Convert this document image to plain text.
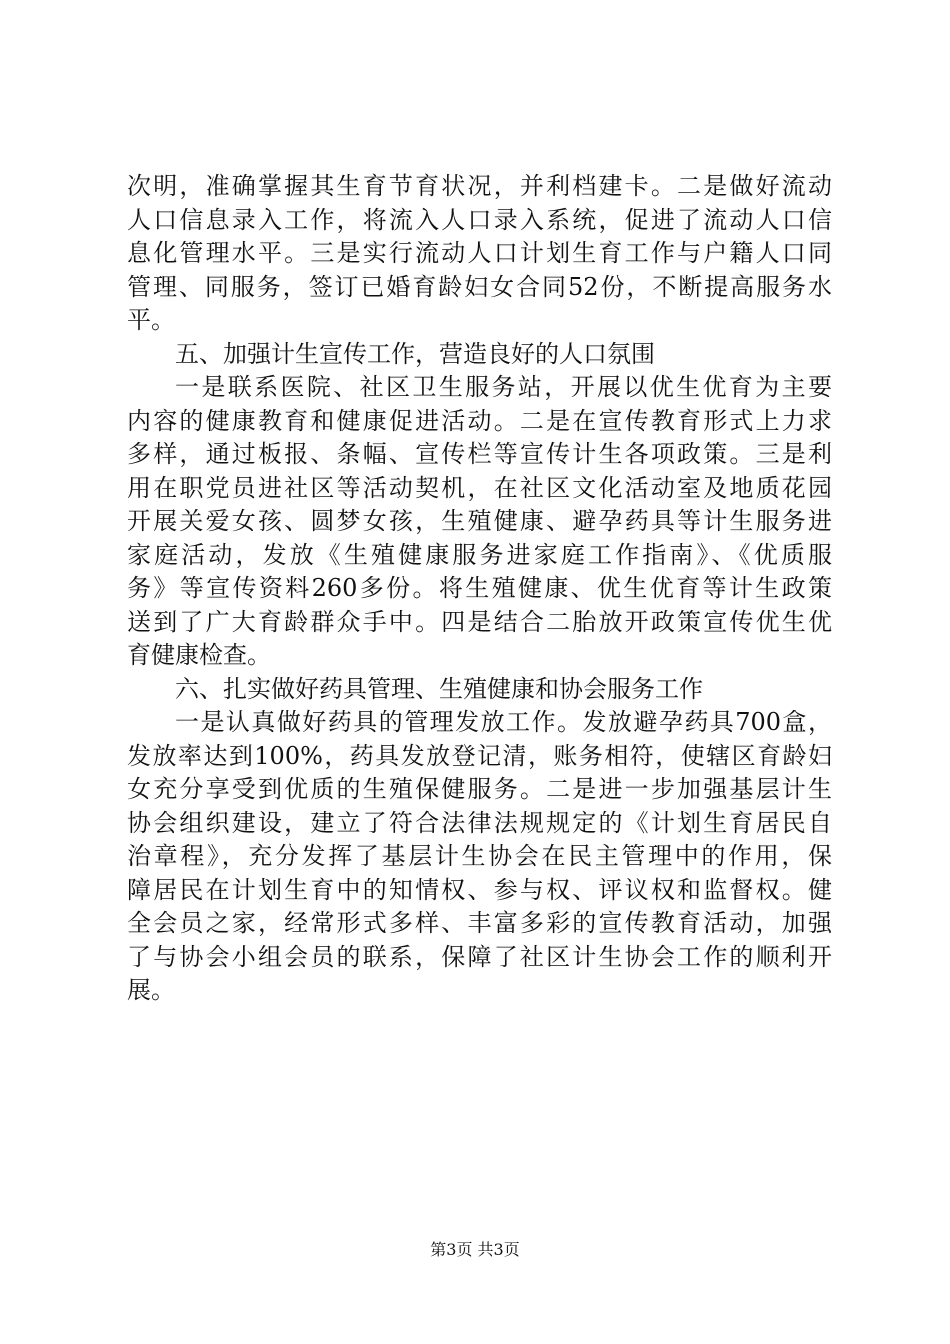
次明，准确掌握其生育节育状况，并利档建卡。二是做好流动
人口信息录入工作，将流入人口录入系统，促进了流动人口信
息化管理水平。三是实行流动人口计划生育工作与户籍人口同
管理、同服务，签订已婚育龄妇女合同52份，不断提高服务水
平。
五、加强计生宣传工作，营造良好的人口氛围
一是联系医院、社区卫生服务站，开展以优生优育为主要
内容的健康教育和健康促进活动。二是在宣传教育形式上力求
多样，通过板报、条幅、宣传栏等宣传计生各项政策。三是利
用在职党员进社区等活动契机，在社区文化活动室及地质花园
开展关爱女孩、圆梦女孩，生殖健康、避孕药具等计生服务进
家庭活动，发放《生殖健康服务进家庭工作指南》、《优质服
务》等宣传资料260多份。将生殖健康、优生优育等计生政策
送到了广大育龄群众手中。四是结合二胎放开政策宣传优生优
育健康检查。
六、扎实做好药具管理、生殖健康和协会服务工作
一是认真做好药具的管理发放工作。发放避孕药具700盒，
发放率达到100%，药具发放登记清，账务相符，使辖区育龄妇
女充分享受到优质的生殖保健服务。二是进一步加强基层计生
协会组织建设，建立了符合法律法规规定的《计划生育居民自
治章程》，充分发挥了基层计生协会在民主管理中的作用，保
障居民在计划生育中的知情权、参与权、评议权和监督权。健
全会员之家，经常形式多样、丰富多彩的宣传教育活动，加强
了与协会小组会员的联系，保障了社区计生协会工作的顺利开
展。
第3页 共3页
